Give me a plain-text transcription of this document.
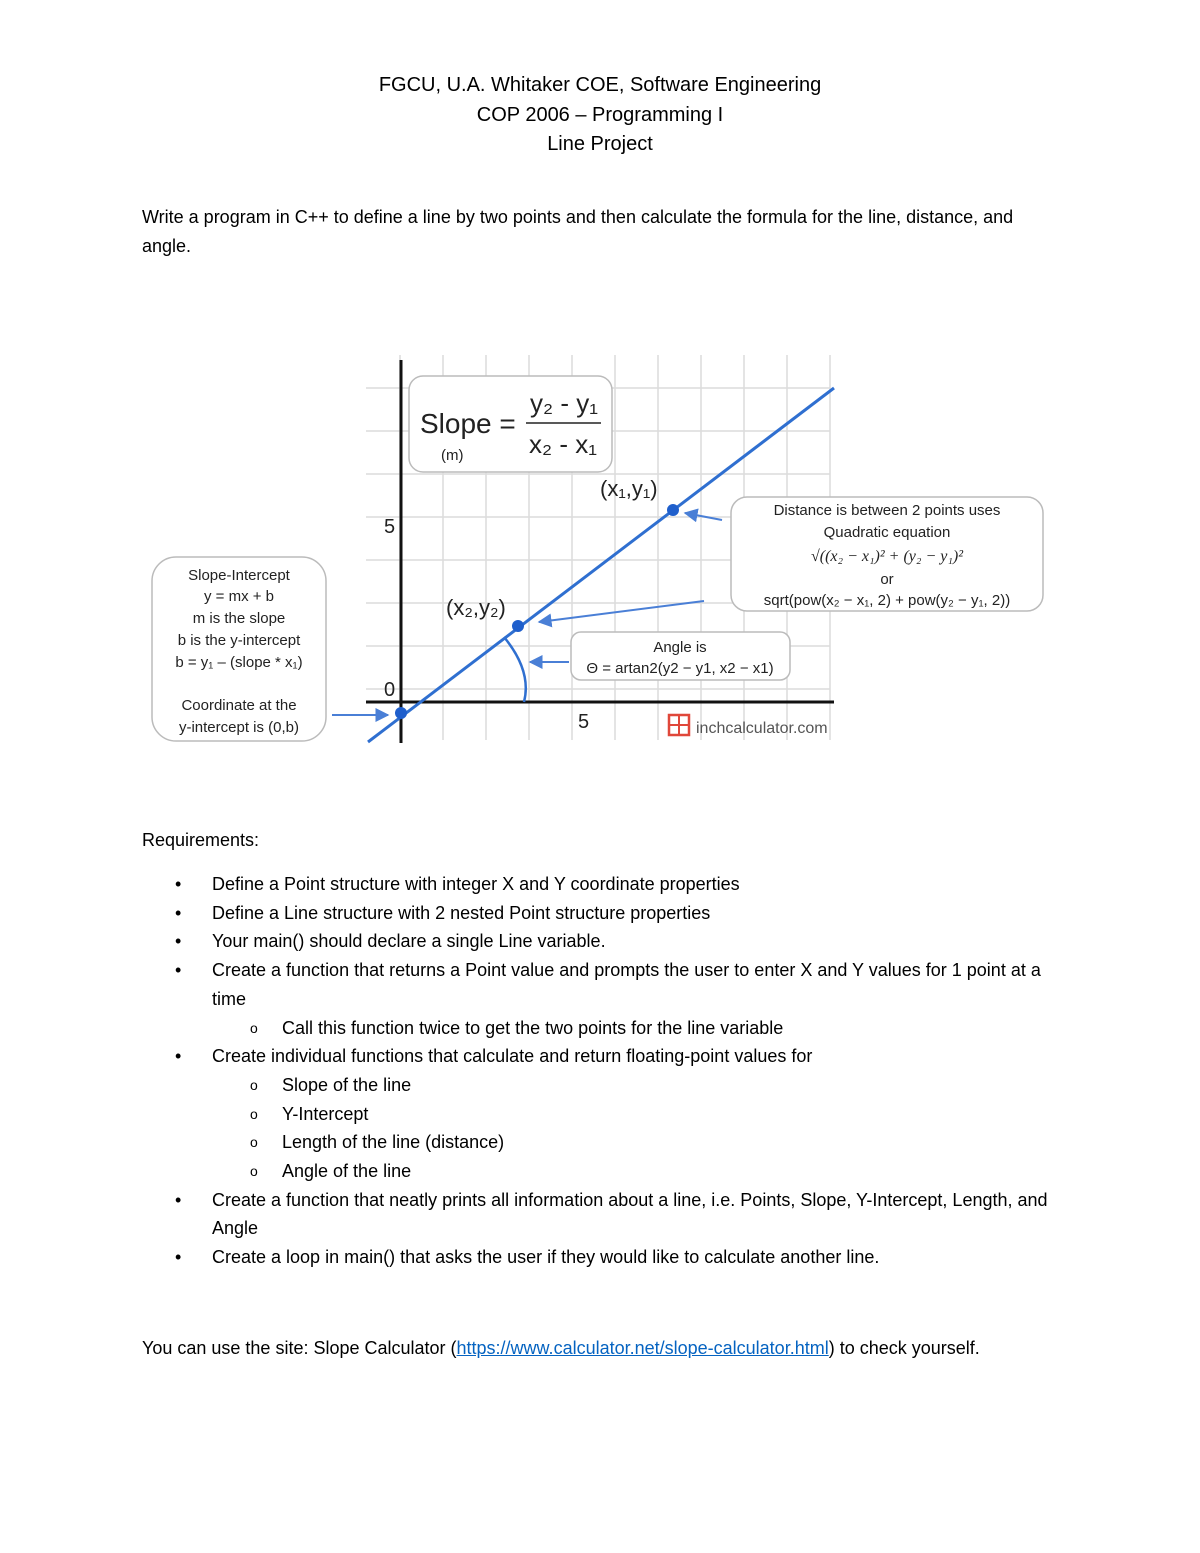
FGCU, U.A. Whitaker COE, Software Engineering
COP 2006 – Programming I
Line Project
Write a program in C++ to define a line by two points and then calculate the formula for the line, distance, and angle.
5
0
5
Slope =
(m)
y₂ - y₁
x₂ - x₁
(x₁,y₁)
(x₂,y₂)
Distance is between 2 points uses
Quadratic equation
√((x₂ − x₁)² + (y₂ − y₁)²
or
sqrt(pow(x₂ − x₁, 2) + pow(y₂ − y₁, 2))
Angle is
Θ = artan2(y2 − y1, x2 − x1)
Slope-Intercept
y = mx + b
m is the slope
b is the y-intercept
b = y₁ – (slope * x₁)
Coordinate at the
y-intercept is (0,b)	inchcalculator.com
Requirements:
• Define a Point structure with integer X and Y coordinate properties
• Define a Line structure with 2 nested Point structure properties
• Your main() should declare a single Line variable.
• Create a function that returns a Point value and prompts the user to enter X and Y values for 1 point at a time
o Call this function twice to get the two points for the line variable
• Create individual functions that calculate and return floating-point values for
o Slope of the line
o Y-Intercept
o Length of the line (distance)
o Angle of the line
• Create a function that neatly prints all information about a line, i.e. Points, Slope, Y-Intercept, Length, and Angle
• Create a loop in main() that asks the user if they would like to calculate another line.
You can use the site: Slope Calculator (https://www.calculator.net/slope-calculator.html) to check yourself.
